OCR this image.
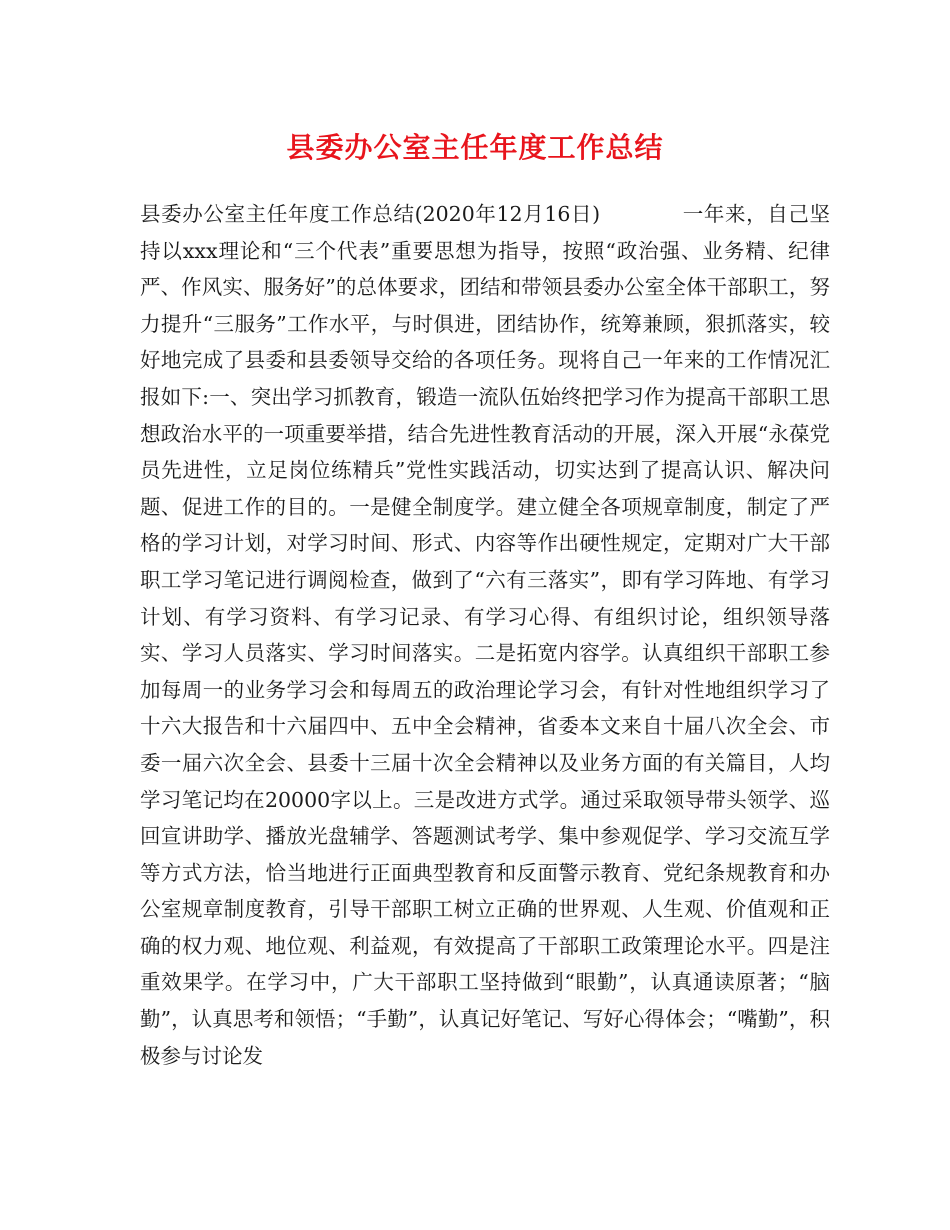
县委办公室主任年度工作总结

县委办公室主任年度工作总结(2020年12月16日)	一年来，自己坚持以xxx理论和“三个代表”重要思想为指导，按照“政治强、业务精、纪律严、作风实、服务好”的总体要求，团结和带领县委办公室全体干部职工，努力提升“三服务”工作水平，与时俱进，团结协作，统筹兼顾，狠抓落实，较好地完成了县委和县委领导交给的各项任务。现将自己一年来的工作情况汇报如下:一、突出学习抓教育，锻造一流队伍始终把学习作为提高干部职工思想政治水平的一项重要举措，结合先进性教育活动的开展，深入开展“永葆党员先进性，立足岗位练精兵”党性实践活动，切实达到了提高认识、解决问题、促进工作的目的。一是健全制度学。建立健全各项规章制度，制定了严格的学习计划，对学习时间、形式、内容等作出硬性规定，定期对广大干部职工学习笔记进行调阅检查，做到了“六有三落实”，即有学习阵地、有学习计划、有学习资料、有学习记录、有学习心得、有组织讨论，组织领导落实、学习人员落实、学习时间落实。二是拓宽内容学。认真组织干部职工参加每周一的业务学习会和每周五的政治理论学习会，有针对性地组织学习了十六大报告和十六届四中、五中全会精神，省委本文来自十届八次全会、市委一届六次全会、县委十三届十次全会精神以及业务方面的有关篇目，人均学习笔记均在20000字以上。三是改进方式学。通过采取领导带头领学、巡回宣讲助学、播放光盘辅学、答题测试考学、集中参观促学、学习交流互学等方式方法，恰当地进行正面典型教育和反面警示教育、党纪条规教育和办公室规章制度教育，引导干部职工树立正确的世界观、人生观、价值观和正确的权力观、地位观、利益观，有效提高了干部职工政策理论水平。四是注重效果学。在学习中，广大干部职工坚持做到“眼勤”，认真通读原著；“脑勤”，认真思考和领悟；“手勤”，认真记好笔记、写好心得体会；“嘴勤”，积极参与讨论发
